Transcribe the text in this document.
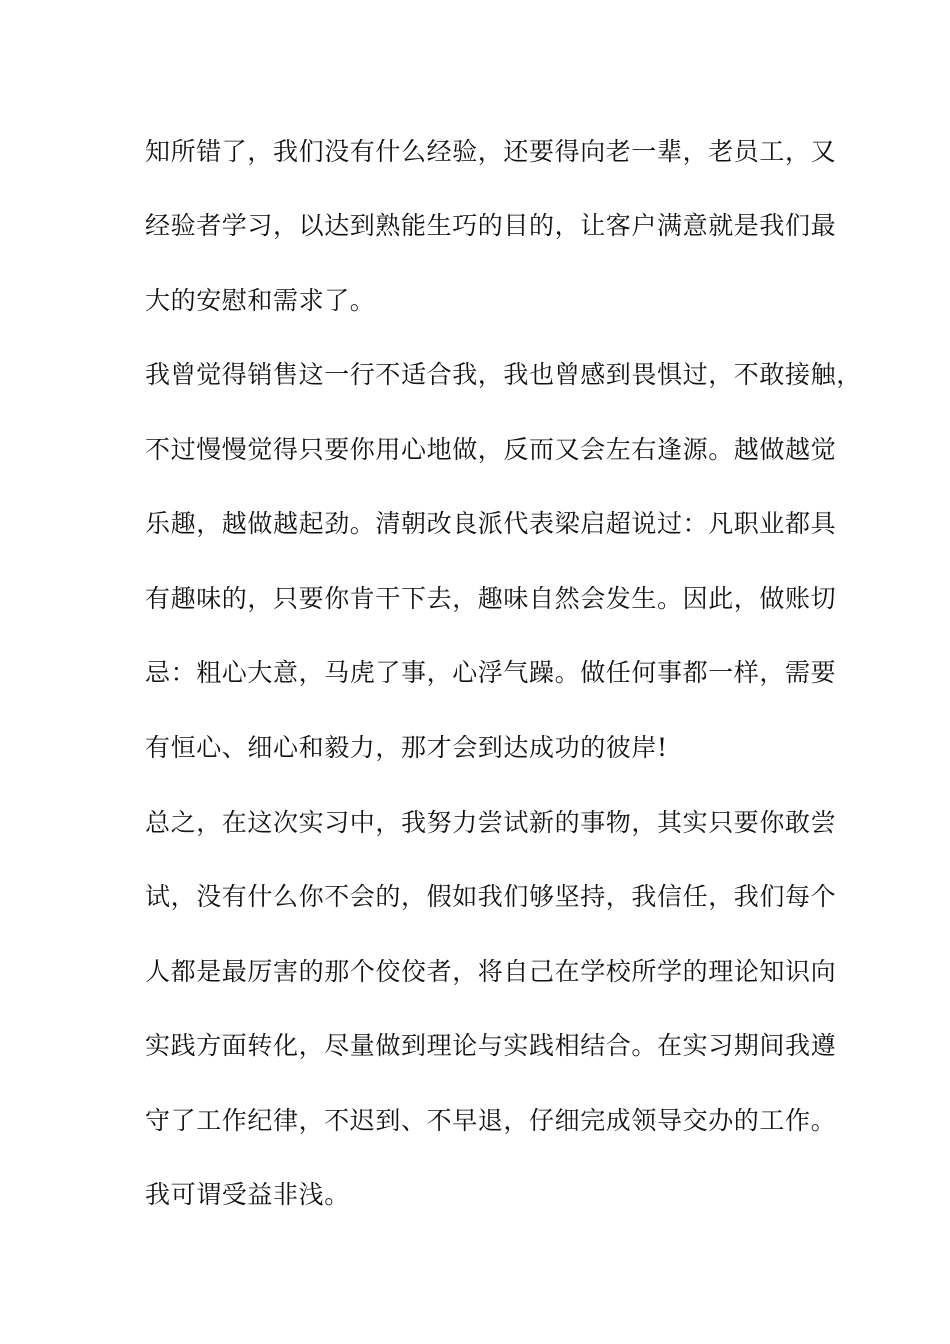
知所错了，我们没有什么经验，还要得向老一辈，老员工，又
经验者学习，以达到熟能生巧的目的，让客户满意就是我们最
大的安慰和需求了。
我曾觉得销售这一行不适合我，我也曾感到畏惧过，不敢接触，
不过慢慢觉得只要你用心地做，反而又会左右逢源。越做越觉
乐趣，越做越起劲。清朝改良派代表梁启超说过：凡职业都具
有趣味的，只要你肯干下去，趣味自然会发生。因此，做账切
忌：粗心大意，马虎了事，心浮气躁。做任何事都一样，需要
有恒心、细心和毅力，那才会到达成功的彼岸!
总之，在这次实习中，我努力尝试新的事物，其实只要你敢尝
试，没有什么你不会的，假如我们够坚持，我信任，我们每个
人都是最厉害的那个佼佼者，将自己在学校所学的理论知识向
实践方面转化，尽量做到理论与实践相结合。在实习期间我遵
守了工作纪律，不迟到、不早退，仔细完成领导交办的工作。
我可谓受益非浅。
